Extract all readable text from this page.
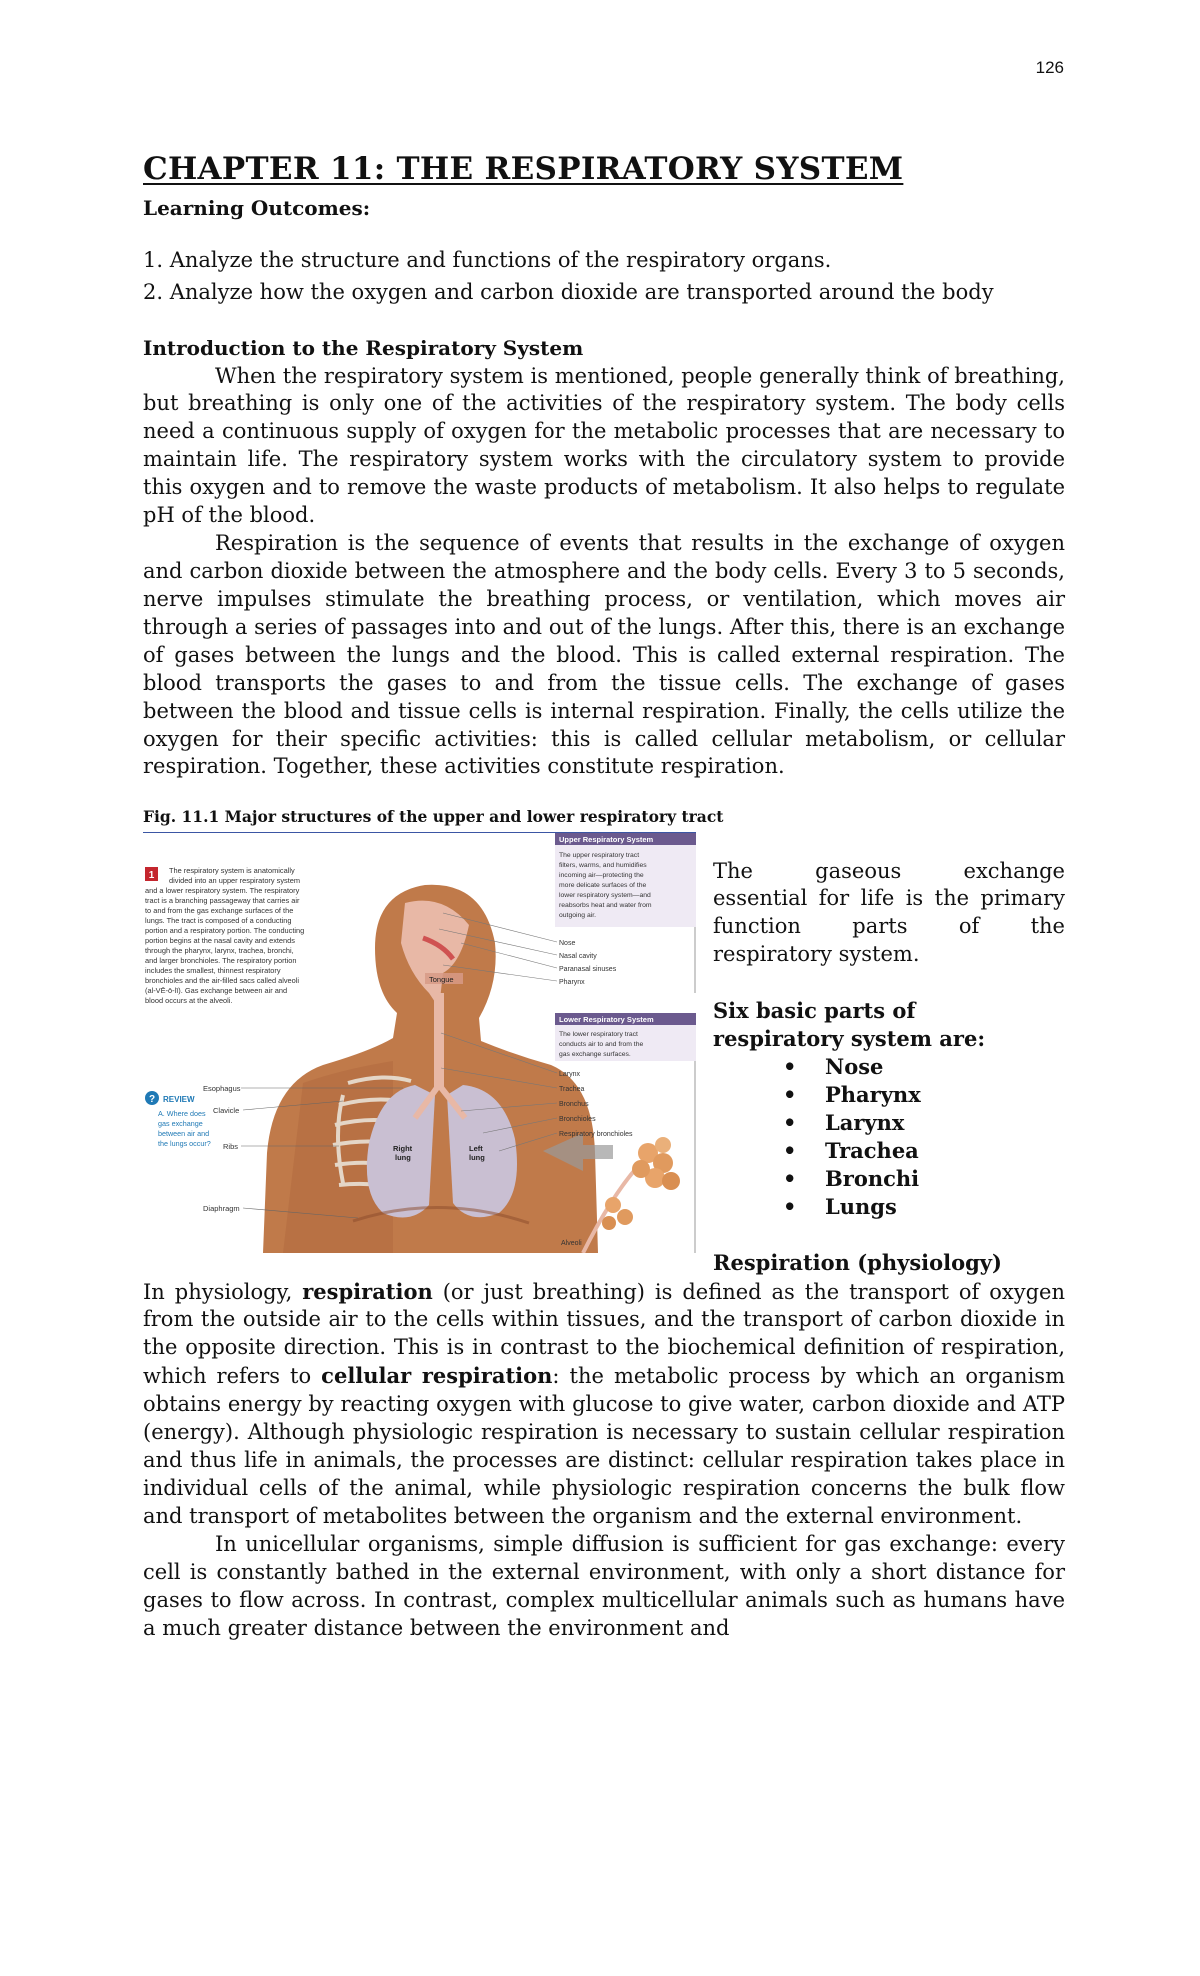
126
CHAPTER 11: THE RESPIRATORY SYSTEM
Learning Outcomes:
1. Analyze the structure and functions of the respiratory organs.
2. Analyze how the oxygen and carbon dioxide are transported around the body
Introduction to the Respiratory System

When the respiratory system is mentioned, people generally think of breathing, but breathing is only one of the activities of the respiratory system. The body cells need a continuous supply of oxygen for the metabolic processes that are necessary to maintain life. The respiratory system works with the circulatory system to provide this oxygen and to remove the waste products of metabolism. It also helps to regulate pH of the blood.

Respiration is the sequence of events that results in the exchange of oxygen and carbon dioxide between the atmosphere and the body cells. Every 3 to 5 seconds, nerve impulses stimulate the breathing process, or ventilation, which moves air through a series of passages into and out of the lungs. After this, there is an exchange of gases between the lungs and the blood. This is called external respiration. The blood transports the gases to and from the tissue cells. The exchange of gases between the blood and tissue cells is internal respiration. Finally, the cells utilize the oxygen for their specific activities: this is called cellular metabolism, or cellular respiration. Together, these activities constitute respiration.

Fig. 11.1 Major structures of the upper and lower respiratory tract
1 The respiratory system is anatomically
divided into an upper respiratory system
and a lower respiratory system. The respiratory
tract is a branching passageway that carries air
to and from the gas exchange surfaces of the
lungs. The tract is composed of a conducting
portion and a respiratory portion. The conducting
portion begins at the nasal cavity and extends
through the pharynx, larynx, trachea, bronchi,
and larger bronchioles. The respiratory portion
includes the smallest, thinnest respiratory
bronchioles and the air-filled sacs called alveoli
(al-VĒ-ō-lī). Gas exchange between air and
blood occurs at the alveoli.
? REVIEW
A. Where does
gas exchange
between air and
the lungs occur?
Tongue
Esophagus
Clavicle
Ribs
Diaphragm
Right
lung
Left
lung
Upper Respiratory System
The upper respiratory tract
filters, warms, and humidifies
incoming air—protecting the
more delicate surfaces of the
lower respiratory system—and
reabsorbs heat and water from
outgoing air.
Nose
Nasal cavity
Paranasal sinuses
Pharynx
Lower Respiratory System
The lower respiratory tract
conducts air to and from the
gas exchange surfaces.
Larynx
Trachea
Bronchus
Bronchioles
Respiratory bronchioles
Alveoli
The gaseous exchange
essential for life is the primary
function parts of the
respiratory system.
Six basic parts of
respiratory system are:
• Nose
• Pharynx
• Larynx
• Trachea
• Bronchi
• Lungs
Respiration (physiology)

In physiology, respiration (or just breathing) is defined as the transport of oxygen from the outside air to the cells within tissues, and the transport of carbon dioxide in the opposite direction. This is in contrast to the biochemical definition of respiration, which refers to cellular respiration: the metabolic process by which an organism obtains energy by reacting oxygen with glucose to give water, carbon dioxide and ATP (energy). Although physiologic respiration is necessary to sustain cellular respiration and thus life in animals, the processes are distinct: cellular respiration takes place in individual cells of the animal, while physiologic respiration concerns the bulk flow and transport of metabolites between the organism and the external environment.

In unicellular organisms, simple diffusion is sufficient for gas exchange: every cell is constantly bathed in the external environment, with only a short distance for gases to flow across. In contrast, complex multicellular animals such as humans have a much greater distance between the environment and
